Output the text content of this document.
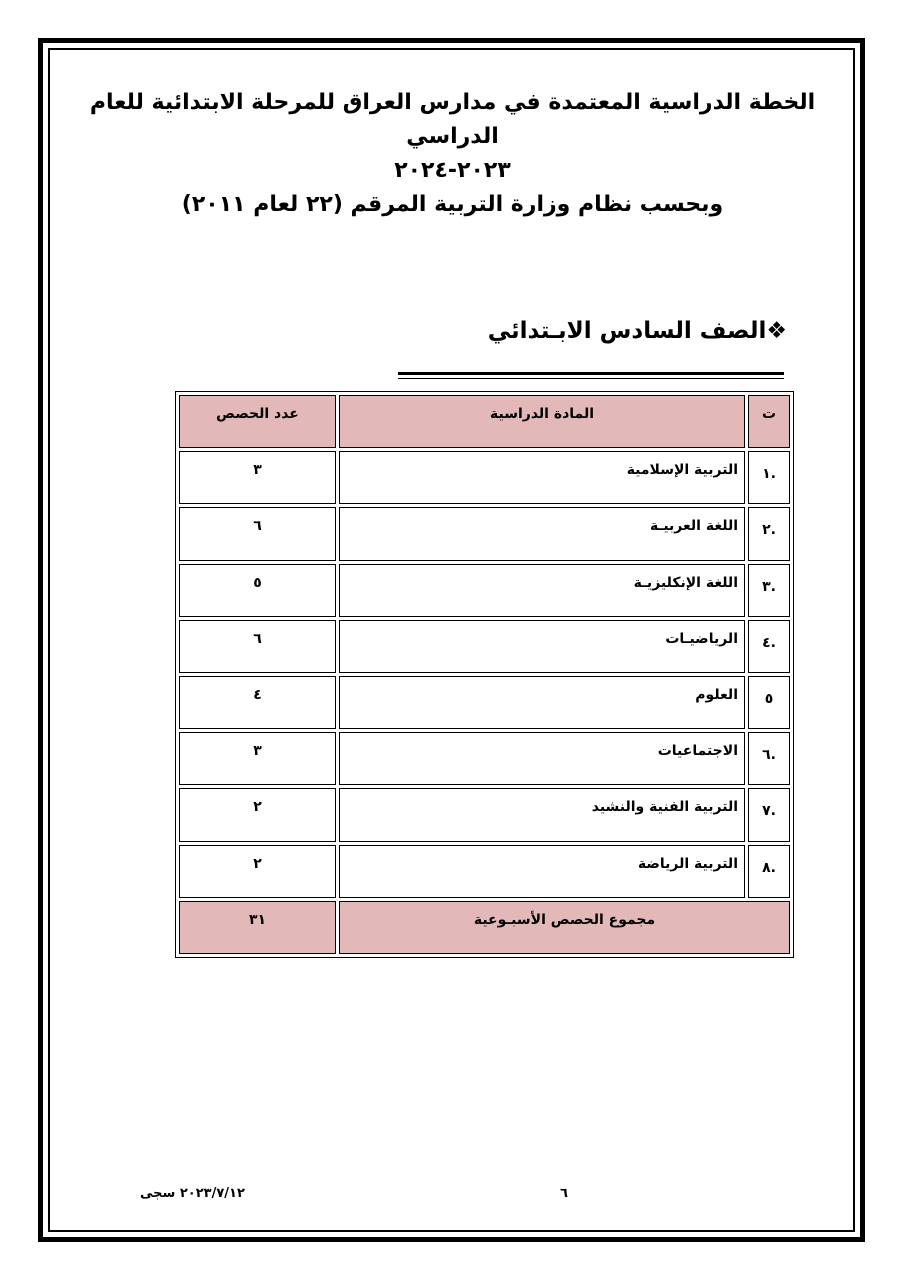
الخطة الدراسية المعتمدة في مدارس العراق للمرحلة الابتدائية للعام الدراسي
٢٠٢٣-٢٠٢٤
وبحسب نظام وزارة التربية المرقم (٢٢ لعام ٢٠١١)
❖الصف السادس الابـتدائي
ت	المادة الدراسية	عدد الحصص
.١	التربية الإسلامية	٣
.٢	اللغة العربيـة	٦
.٣	اللغة الإنكليزيـة	٥
.٤	الرياضيـات	٦
٥	العلوم	٤
.٦	الاجتماعيات	٣
.٧	التربية الفنية والنشيد	٢
.٨	التربية الرياضة	٢
مجموع الحصص الأسبـوعية		٣١
٢٠٢٣/٧/١٢ سجى	٦
